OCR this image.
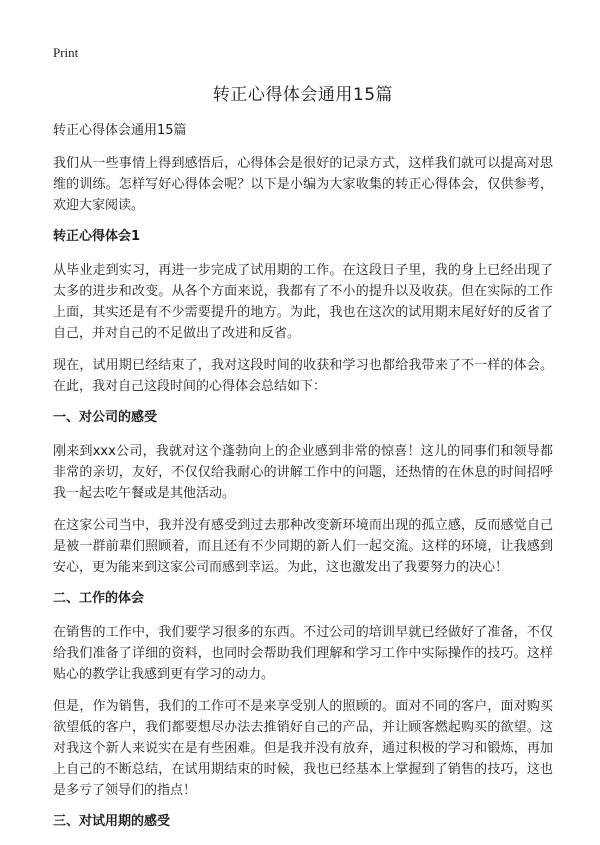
Print
转正心得体会通用15篇

转正心得体会通用15篇

我们从一些事情上得到感悟后，心得体会是很好的记录方式，这样我们就可以提高对思维的训练。怎样写好心得体会呢？以下是小编为大家收集的转正心得体会，仅供参考，欢迎大家阅读。

转正心得体会1

从毕业走到实习，再进一步完成了试用期的工作。在这段日子里，我的身上已经出现了太多的进步和改变。从各个方面来说，我都有了不小的提升以及收获。但在实际的工作上面，其实还是有不少需要提升的地方。为此，我也在这次的试用期末尾好好的反省了自己，并对自己的不足做出了改进和反省。

现在，试用期已经结束了，我对这段时间的收获和学习也都给我带来了不一样的体会。在此，我对自己这段时间的心得体会总结如下：

一、对公司的感受

刚来到xxx公司，我就对这个蓬勃向上的企业感到非常的惊喜！这儿的同事们和领导都非常的亲切，友好，不仅仅给我耐心的讲解工作中的问题，还热情的在休息的时间招呼我一起去吃午餐或是其他活动。

在这家公司当中，我并没有感受到过去那种改变新环境而出现的孤立感，反而感觉自己是被一群前辈们照顾着，而且还有不少同期的新人们一起交流。这样的环境，让我感到安心，更为能来到这家公司而感到幸运。为此，这也激发出了我要努力的决心！

二、工作的体会

在销售的工作中，我们要学习很多的东西。不过公司的培训早就已经做好了准备，不仅给我们准备了详细的资料，也同时会帮助我们理解和学习工作中实际操作的技巧。这样贴心的教学让我感到更有学习的动力。

但是，作为销售，我们的工作可不是来享受别人的照顾的。面对不同的客户，面对购买欲望低的客户，我们都要想尽办法去推销好自己的产品，并让顾客燃起购买的欲望。这对我这个新人来说实在是有些困难。但是我并没有放弃，通过积极的学习和锻炼，再加上自己的不断总结，在试用期结束的时候，我也已经基本上掌握到了销售的技巧，这也是多亏了领导们的指点！

三、对试用期的感受
